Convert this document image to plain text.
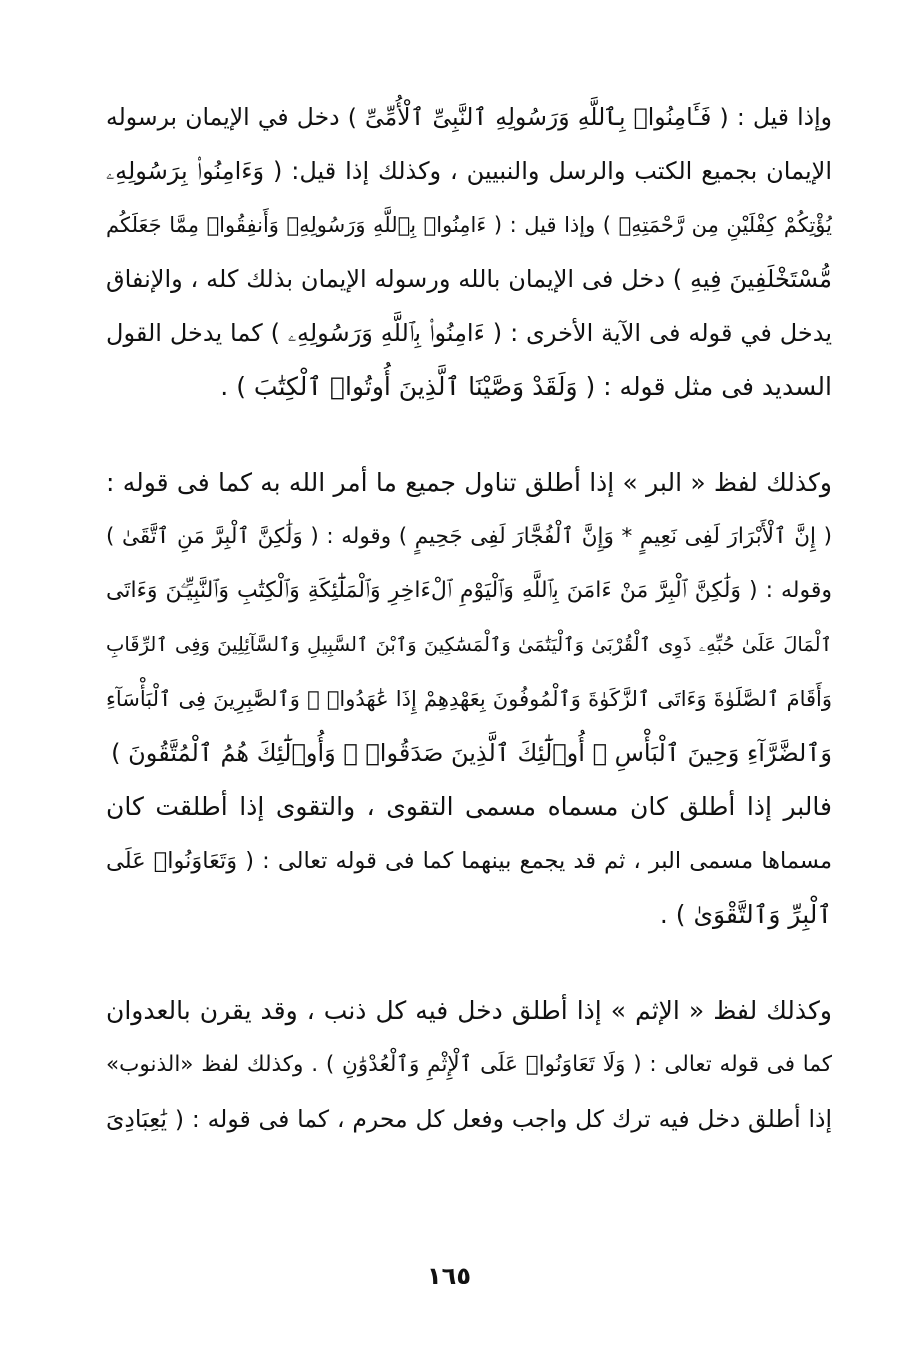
وإذا قيل : ( فَـَٔامِنُوا۟ بِٱللَّهِ وَرَسُولِهِ ٱلنَّبِىِّ ٱلْأُمِّىِّ ) دخل في الإيمان برسوله
الإيمان بجميع الكتب والرسل والنبيين ، وكذلك إذا قيل: ( وَءَامِنُوا۟ بِرَسُولِهِۦ
يُؤْتِكُمْ كِفْلَيْنِ مِن رَّحْمَتِهِۦ ) وإذا قيل : ( ءَامِنُوا۟ بِٱللَّهِ وَرَسُولِهِۦ وَأَنفِقُوا۟ مِمَّا جَعَلَكُم
مُّسْتَخْلَفِينَ فِيهِ ) دخل فى الإيمان بالله ورسوله الإيمان بذلك كله ، والإنفاق
يدخل في قوله فى الآية الأخرى : ( ءَامِنُوا۟ بِٱللَّهِ وَرَسُولِهِۦ ) كما يدخل القول
السديد فى مثل قوله : ( وَلَقَدْ وَصَّيْنَا ٱلَّذِينَ أُوتُوا۟ ٱلْكِتَٰبَ ) .
وكذلك لفظ « البر » إذا أطلق تناول جميع ما أمر الله به كما فى قوله :
( إِنَّ ٱلْأَبْرَارَ لَفِى نَعِيمٍ * وَإِنَّ ٱلْفُجَّارَ لَفِى جَحِيمٍ ) وقوله : ( وَلَٰكِنَّ ٱلْبِرَّ مَنِ ٱتَّقَىٰ )
وقوله : ( وَلَٰكِنَّ ٱلْبِرَّ مَنْ ءَامَنَ بِٱللَّهِ وَٱلْيَوْمِ ٱلْءَاخِرِ وَٱلْمَلَٰٓئِكَةِ وَٱلْكِتَٰبِ وَٱلنَّبِيِّـۧنَ وَءَاتَى
ٱلْمَالَ عَلَىٰ حُبِّهِۦ ذَوِى ٱلْقُرْبَىٰ وَٱلْيَتَٰمَىٰ وَٱلْمَسَٰكِينَ وَٱبْنَ ٱلسَّبِيلِ وَٱلسَّآئِلِينَ وَفِى ٱلرِّقَابِ
وَأَقَامَ ٱلصَّلَوٰةَ وَءَاتَى ٱلزَّكَوٰةَ وَٱلْمُوفُونَ بِعَهْدِهِمْ إِذَا عَٰهَدُوا۟ ۖ وَٱلصَّٰبِرِينَ فِى ٱلْبَأْسَآءِ
وَٱلضَّرَّآءِ وَحِينَ ٱلْبَأْسِ ۗ أُو۟لَٰٓئِكَ ٱلَّذِينَ صَدَقُوا۟ ۖ وَأُو۟لَٰٓئِكَ هُمُ ٱلْمُتَّقُونَ )
فالبر إذا أطلق كان مسماه مسمى التقوى ، والتقوى إذا أطلقت كان
مسماها مسمى البر ، ثم قد يجمع بينهما كما فى قوله تعالى : ( وَتَعَاوَنُوا۟ عَلَى
ٱلْبِرِّ وَٱلتَّقْوَىٰ ) .
وكذلك لفظ « الإثم » إذا أطلق دخل فيه كل ذنب ، وقد يقرن بالعدوان
كما فى قوله تعالى : ( وَلَا تَعَاوَنُوا۟ عَلَى ٱلْإِثْمِ وَٱلْعُدْوَٰنِ ) . وكذلك لفظ «الذنوب»
إذا أطلق دخل فيه ترك كل واجب وفعل كل محرم ، كما فى قوله : ( يَٰعِبَادِىَ
١٦٥
